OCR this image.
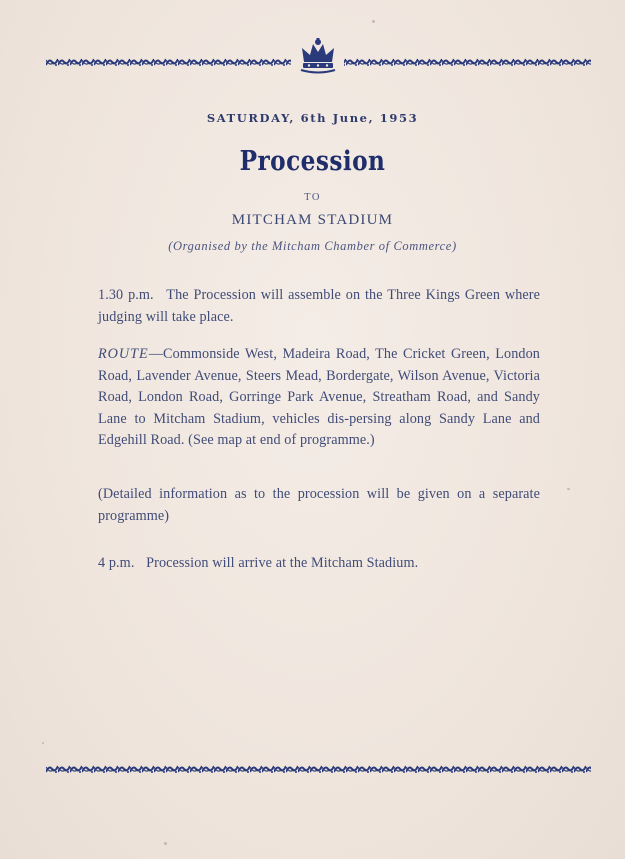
SATURDAY, 6th June, 1953
Procession
TO
MITCHAM STADIUM
(Organised by the Mitcham Chamber of Commerce)
1.30 p.m. The Procession will assemble on the Three Kings Green where judging will take place.
ROUTE—Commonside West, Madeira Road, The Cricket Green, London Road, Lavender Avenue, Steers Mead, Bordergate, Wilson Avenue, Victoria Road, London Road, Gorringe Park Avenue, Streatham Road, and Sandy Lane to Mitcham Stadium, vehicles dis-persing along Sandy Lane and Edgehill Road. (See map at end of programme.)
(Detailed information as to the procession will be given on a separate programme)
4 p.m. Procession will arrive at the Mitcham Stadium.
